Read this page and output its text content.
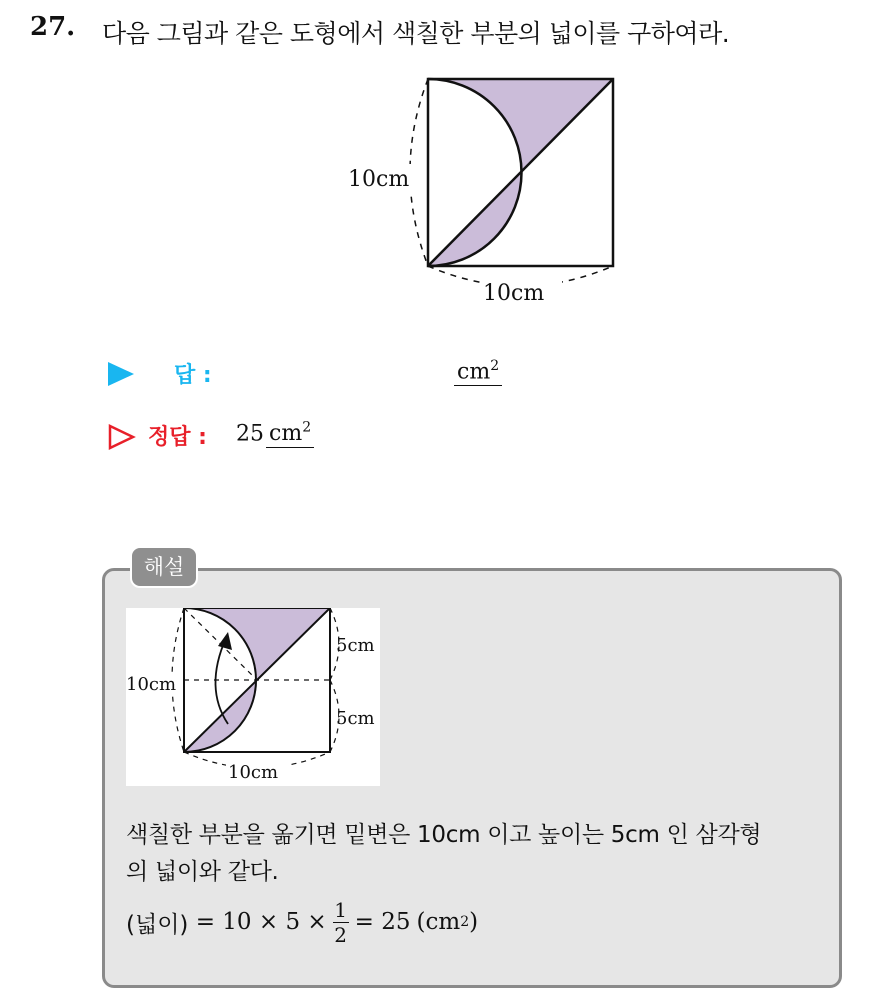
27. 다음 그림과 같은 도형에서 색칠한 부분의 넓이를 구하여라.
10cm
10cm
답 :	$cm^2$
정답 : 25 $cm^2$
해설
10cm
10cm
5cm
5cm
색칠한 부분을 옮기면 밑변은 10cm 이고 높이는 5cm 인 삼각형
의 넓이와 같다.
(넓이) = $10 \times 5 \times \frac{1}{2} = 25$ ( cm 2 )
